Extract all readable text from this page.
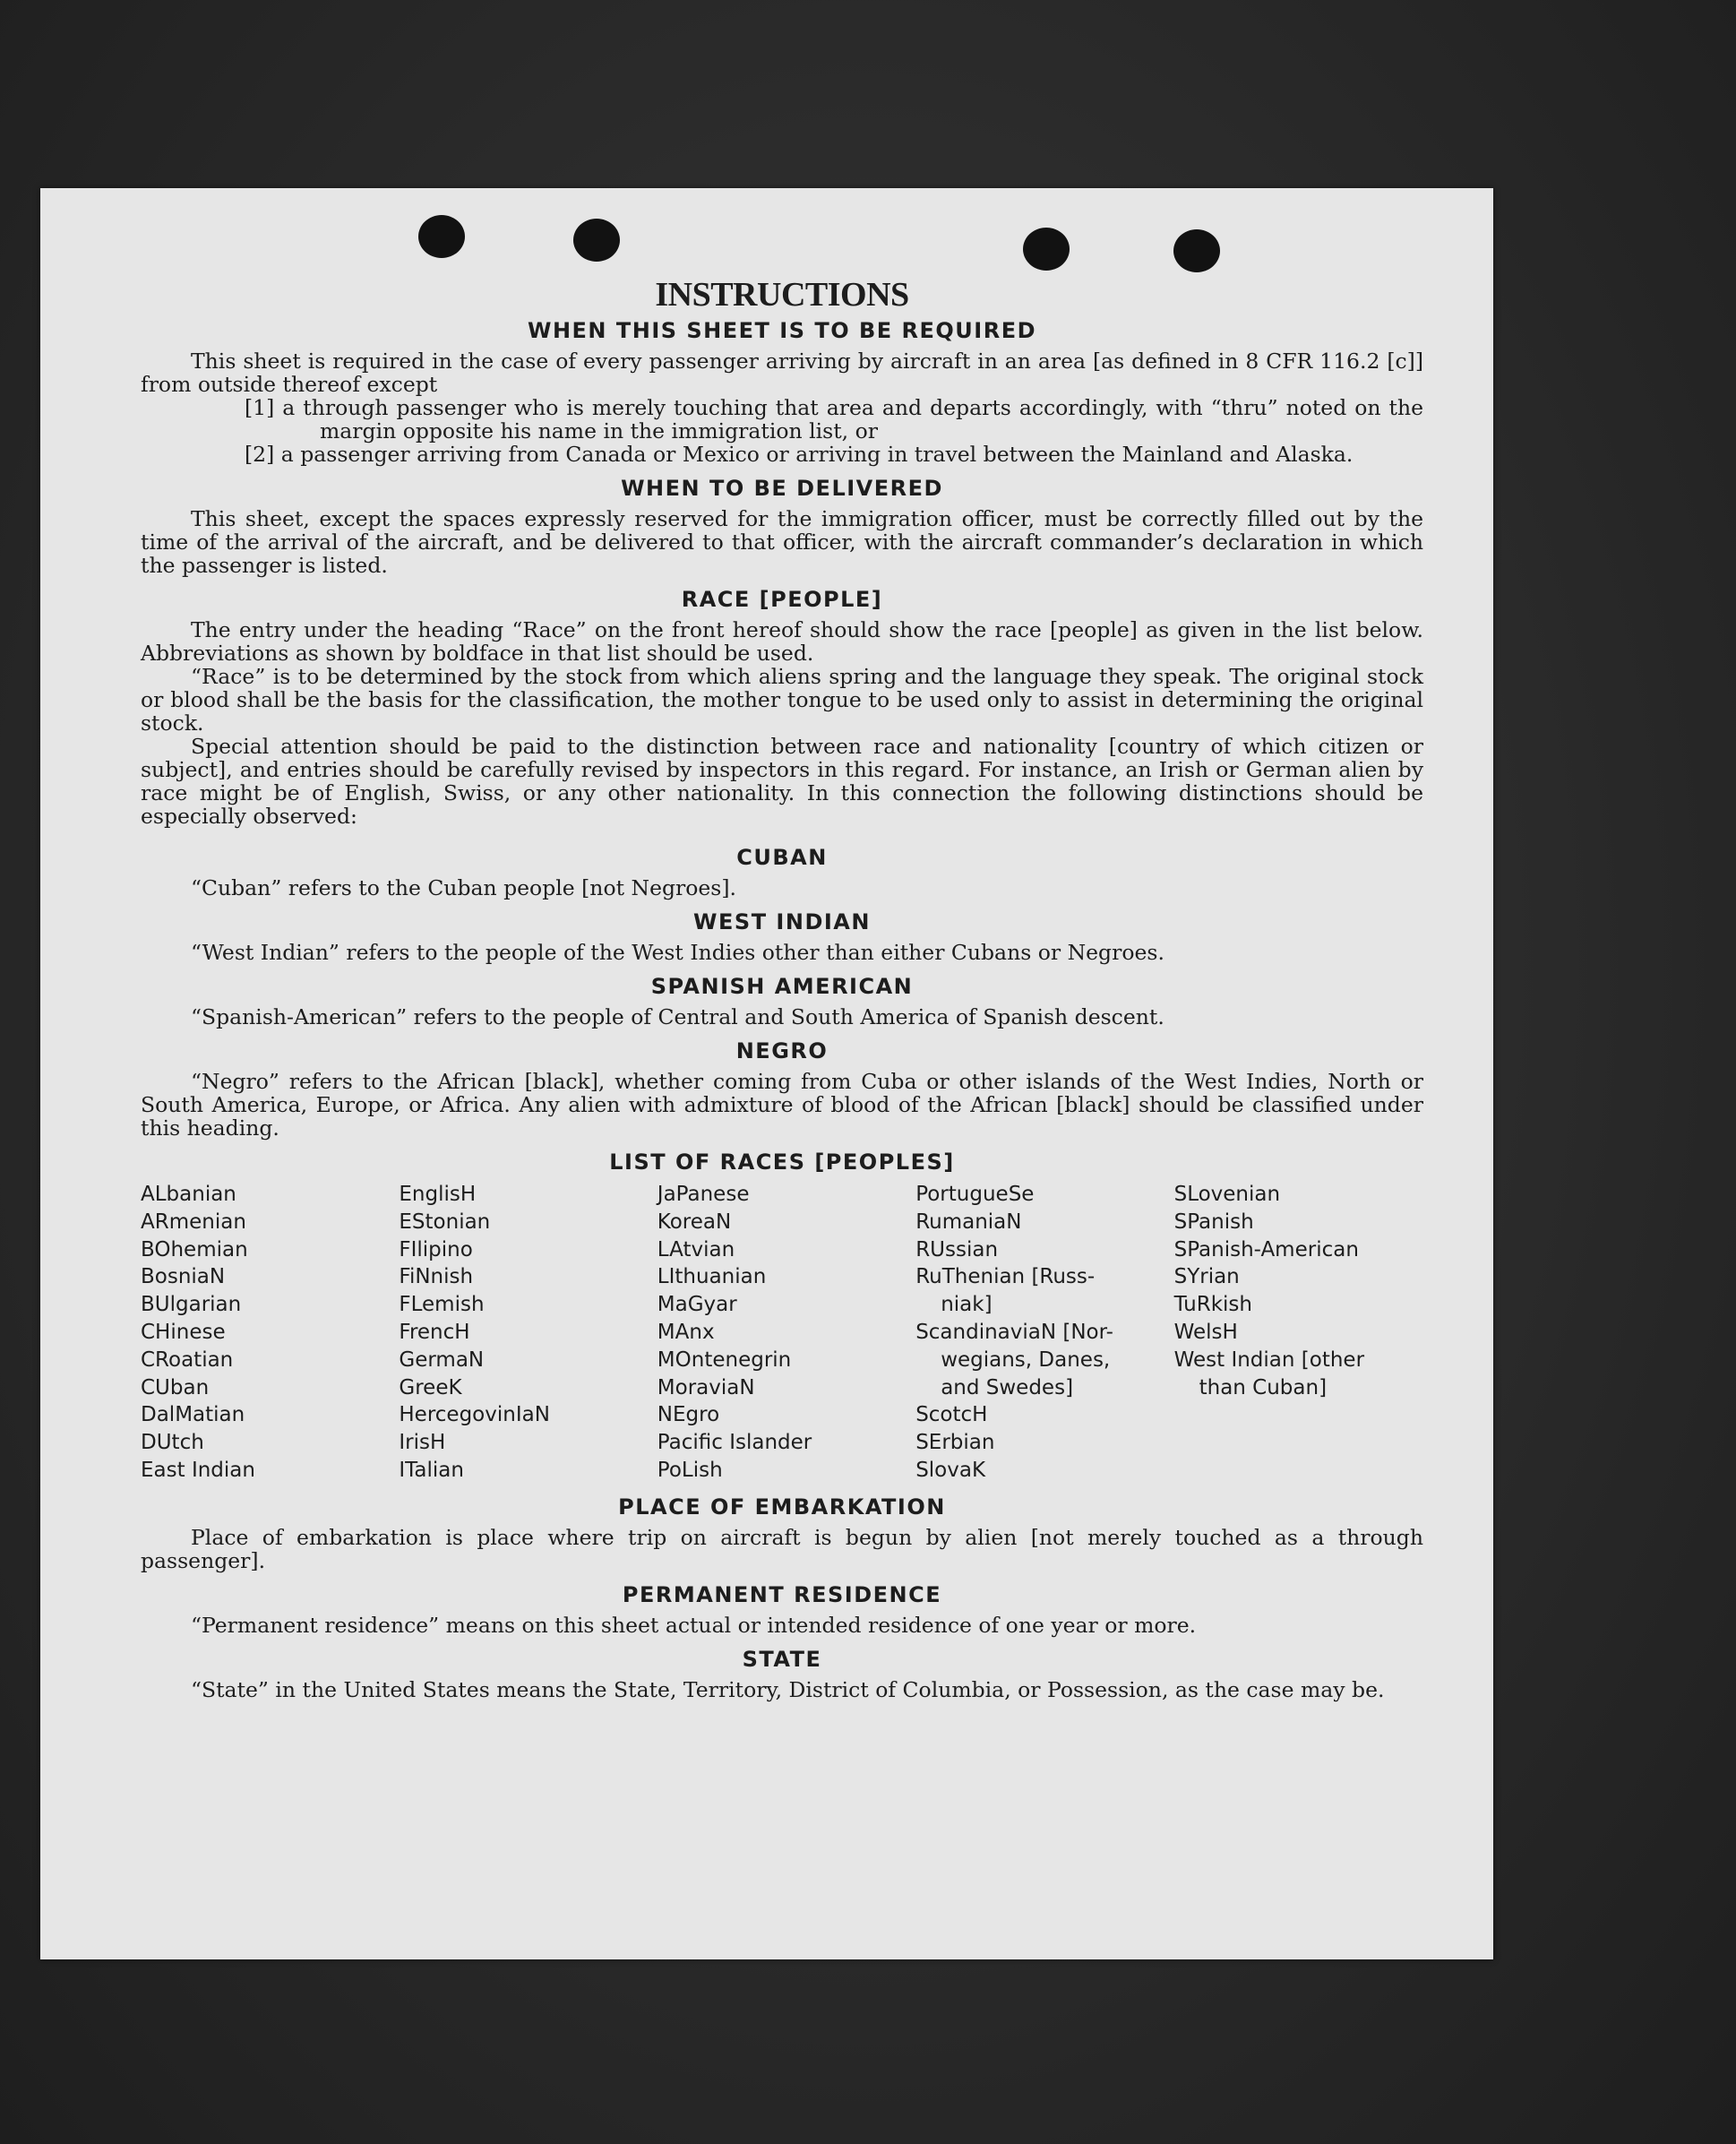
INSTRUCTIONS
WHEN THIS SHEET IS TO BE REQUIRED

This sheet is required in the case of every passenger arriving by aircraft in an area [as defined in 8 CFR 116.2 [c]] from outside thereof except

[1] a through passenger who is merely touching that area and departs accordingly, with “thru” noted on the margin opposite his name in the immigration list, or

[2] a passenger arriving from Canada or Mexico or arriving in travel between the Mainland and Alaska.

WHEN TO BE DELIVERED

This sheet, except the spaces expressly reserved for the immigration officer, must be correctly filled out by the time of the arrival of the aircraft, and be delivered to that officer, with the aircraft commander’s declaration in which the passenger is listed.

RACE [PEOPLE]

The entry under the heading “Race” on the front hereof should show the race [people] as given in the list below. Abbreviations as shown by boldface in that list should be used.

“Race” is to be determined by the stock from which aliens spring and the language they speak. The original stock or blood shall be the basis for the classification, the mother tongue to be used only to assist in determining the original stock.

Special attention should be paid to the distinction between race and nationality [country of which citizen or subject], and entries should be carefully revised by inspectors in this regard. For instance, an Irish or German alien by race might be of English, Swiss, or any other nationality. In this connection the following distinctions should be especially observed:

CUBAN

“Cuban” refers to the Cuban people [not Negroes].

WEST INDIAN

“West Indian” refers to the people of the West Indies other than either Cubans or Negroes.

SPANISH AMERICAN

“Spanish-American” refers to the people of Central and South America of Spanish descent.

NEGRO

“Negro” refers to the African [black], whether coming from Cuba or other islands of the West Indies, North or South America, Europe, or Africa. Any alien with admixture of blood of the African [black] should be classified under this heading.

LIST OF RACES [PEOPLES]
ALbanian
ARmenian
BOhemian
BosniaN
BUlgarian
CHinese
CRoatian
CUban
DalMatian
DUtch
East Indian
EnglisH
EStonian
FIlipino
FiNnish
FLemish
FrencH
GermaN
GreeK
HercegovinIaN
IrisH
ITalian
JaPanese
KoreaN
LAtvian
LIthuanian
MaGyar
MAnx
MOntenegrin
MoraviaN
NEgro
Pacific Islander
PoLish
PortugueSe
RumaniaN
RUssian
RuThenian [Russ-
niak]
ScandinaviaN [Nor-
wegians, Danes,
and Swedes]
ScotcH
SErbian
SlovaK
SLovenian
SPanish
SPanish-American
SYrian
TuRkish
WelsH
West Indian [other
than Cuban]
PLACE OF EMBARKATION

Place of embarkation is place where trip on aircraft is begun by alien [not merely touched as a through passenger].

PERMANENT RESIDENCE

“Permanent residence” means on this sheet actual or intended residence of one year or more.

STATE

“State” in the United States means the State, Territory, District of Columbia, or Possession, as the case may be.
